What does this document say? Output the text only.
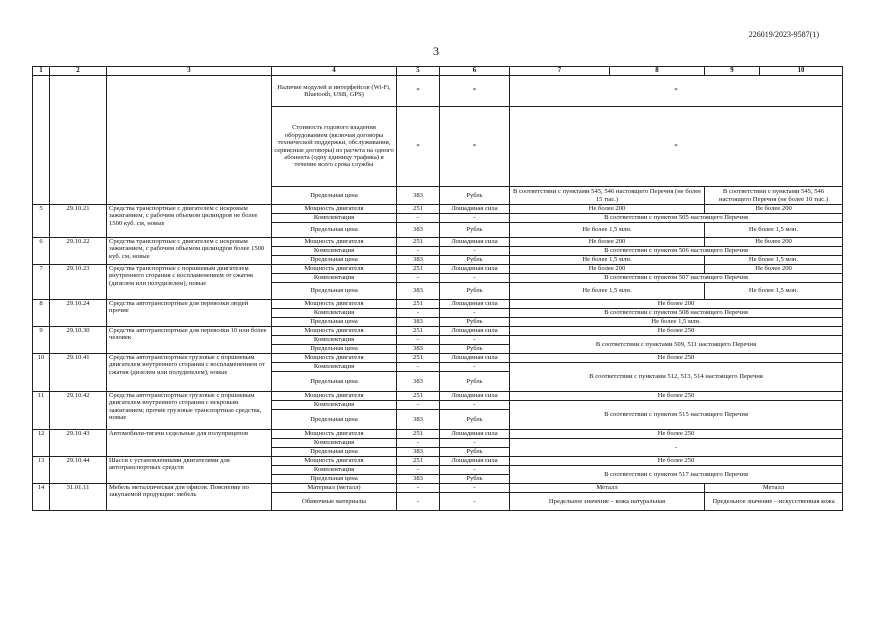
226019/2023-9587(1)
3
1	2	3	4	5	6	7	8	9	10
			Наличие модулей и интерфейсов (Wi-Fi, Bluetooth, USB, GPS)	*	*	*			
			Стоимость годового владения оборудованием (включая договоры технической поддержки, обслуживания, сервисные договоры) из расчета на одного абонента (одну единицу трафика) в течение всего срока службы	*	*	*			
			Предельная цена	383	Рубль	В соответствии с пунктами 545, 546 настоящего Перечня (не более 15 тыс.)		В соответствии с пунктами 545, 546 настоящего Перечня (не более 10 тыс.)	
5	29.10.21	Средства транспортные с двигателем с искровым зажиганием, с рабочим объемом цилиндров не более 1500 куб. см, новые	Мощность двигателя	251	Лошадиная сила	Не более 200		Не более 200	
			Комплектация	-	-	В соответствии с пунктом 505 настоящего Перечня			
			Предельная цена	383	Рубль	Не более 1,5 млн.		Не более 1,5 млн.	
6	29.10.22	Средства транспортные с двигателем с искровым зажиганием, с рабочим объемом цилиндров более 1500 куб. см, новые	Мощность двигателя	251	Лошадиная сила	Не более 200		Не более 200	
			Комплектация	-	-	В соответствии с пунктом 506 настоящего Перечня			
			Предельная цена	383	Рубль	Не более 1,5 млн.		Не более 1,5 млн.	
7	29.10.23	Средства транспортные с поршневым двигателем внутреннего сгорания с воспламенением от сжатия (дизелем или полудизелем), новые	Мощность двигателя	251	Лошадиная сила	Не более 200		Не более 200	
			Комплектация	-	-	В соответствии с пунктом 507 настоящего Перечня			
			Предельная цена	383	Рубль	Не более 1,5 млн.		Не более 1,5 млн.	
8	29.10.24	Средства автотранспортные для перевозки людей прочие	Мощность двигателя	251	Лошадиная сила	Не более 200			
			Комплектация	-	-	В соответствии с пунктом 508 настоящего Перечня			
			Предельная цена	383	Рубль	Не более 1,5 млн.			
9	29.10.30	Средства автотранспортные для перевозки 10 или более человек	Мощность двигателя	251	Лошадиная сила	Не более 250			
			Комплектация	-	-	В соответствии с пунктами 509, 511 настоящего Перечня			
			Предельная цена	383	Рубль				
10	29.10.41	Средства автотранспортные грузовые с поршневым двигателем внутреннего сгорания с воспламенением от сжатия (дизелем или полудизелем), новые	Мощность двигателя	251	Лошадиная сила	Не более 250			
			Комплектация	-	-	В соответствии с пунктами 512, 513, 514 настоящего Перечня			
			Предельная цена	383	Рубль				
11	29.10.42	Средства автотранспортные грузовые с поршневым двигателем внутреннего сгорания с искровым зажиганием; прочие грузовые транспортные средства, новые	Мощность двигателя	251	Лошадиная сила	Не более 250			
			Комплектация	-	-	В соответствии с пунктом 515 настоящего Перечня			
			Предельная цена	383	Рубль				
12	29.10.43	Автомобили-тягачи седельные для полуприцепов	Мощность двигателя	251	Лошадиная сила	Не более 250			
			Комплектация	-	-	-			
			Предельная цена	383	Рубль				
13	29.10.44	Шасси с установленными двигателями для автотранспортных средств	Мощность двигателя	251	Лошадиная сила	Не более 250			
			Комплектация	-	-	В соответствии с пунктом 517 настоящего Перечня			
			Предельная цена	383	Рубль				
14	31.01.11	Мебель металлическая для офисов. Пояснение по закупаемой продукции: мебель	Материал (металл)	-	-	Металл		Металл	
			Обивочные материалы	-	-	Предельное значение – кожа натуральная		Предельное значение – искусственная кожа	
